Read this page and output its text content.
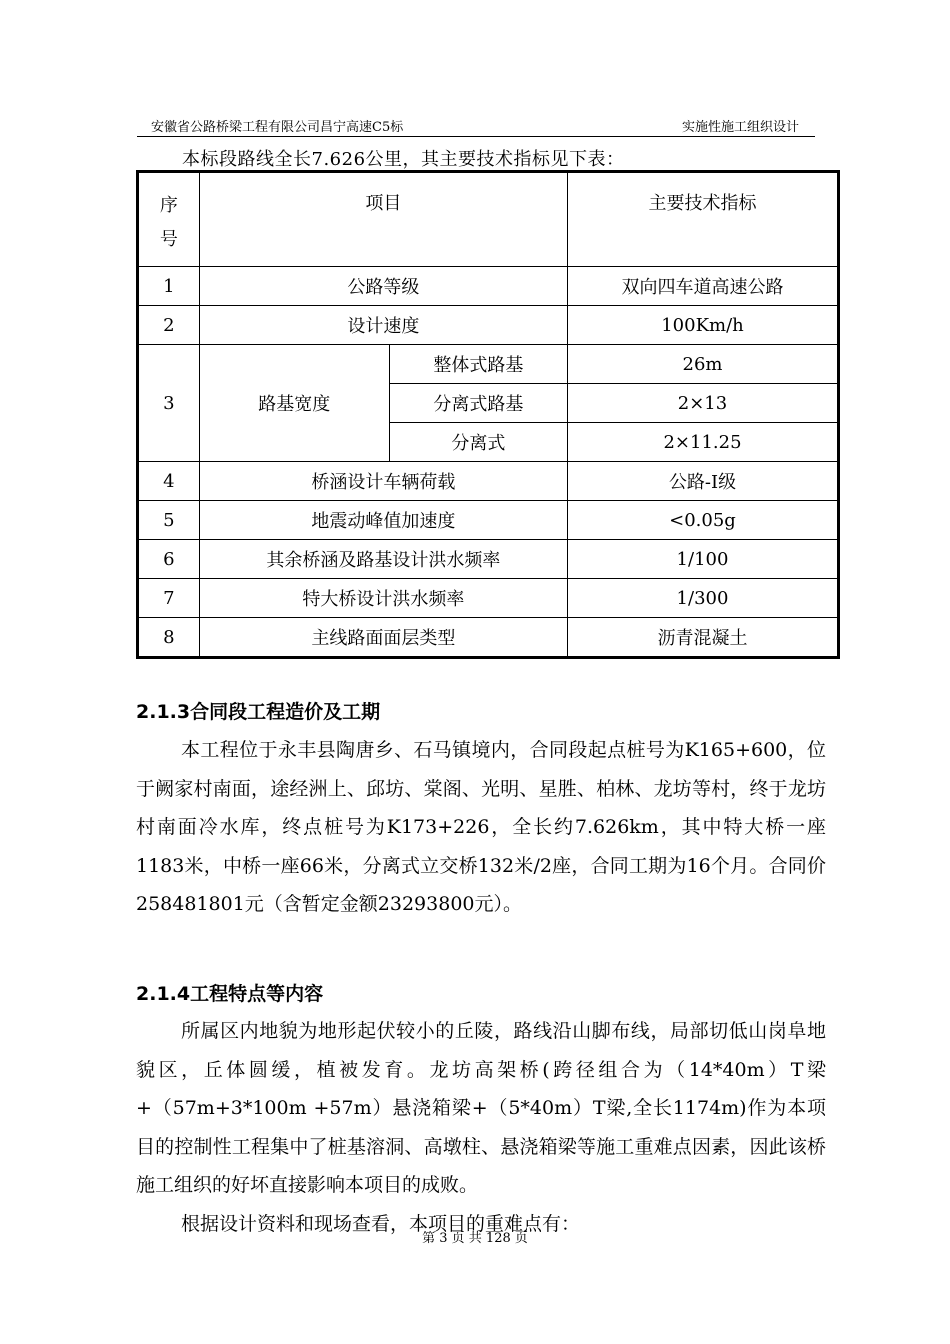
安徽省公路桥梁工程有限公司昌宁高速C5标	实施性施工组织设计
本标段路线全长7.626公里，其主要技术指标见下表：
序
号	项目		主要技术指标
1	公路等级		双向四车道高速公路
2	设计速度		100Km/h
3	路基宽度	整体式路基	26m
		分离式路基	2×13
		分离式	2×11.25
4	桥涵设计车辆荷载		公路-Ⅰ级
5	地震动峰值加速度		<0.05g
6	其余桥涵及路基设计洪水频率		1/100
7	特大桥设计洪水频率		1/300
8	主线路面面层类型		沥青混凝土
2.1.3合同段工程造价及工期

本工程位于永丰县陶唐乡、石马镇境内，合同段起点桩号为K165+600，位于阙家村南面，途经洲上、邱坊、棠阁、光明、星胜、柏林、龙坊等村，终于龙坊村南面冷水库，终点桩号为K173+226，全长约7.626km，其中特大桥一座1183米，中桥一座66米，分离式立交桥132米/2座，合同工期为16个月。合同价258481801元（含暂定金额23293800元）。

2.1.4工程特点等内容

所属区内地貌为地形起伏较小的丘陵，路线沿山脚布线，局部切低山岗阜地貌区，丘体圆缓，植被发育。龙坊高架桥(跨径组合为（14*40m）T梁+（57m+3*100m +57m）悬浇箱梁+（5*40m）T梁,全长1174m)作为本项目的控制性工程集中了桩基溶洞、高墩柱、悬浇箱梁等施工重难点因素，因此该桥施工组织的好坏直接影响本项目的成败。

根据设计资料和现场查看，本项目的重难点有：

第 3 页 共 128 页
